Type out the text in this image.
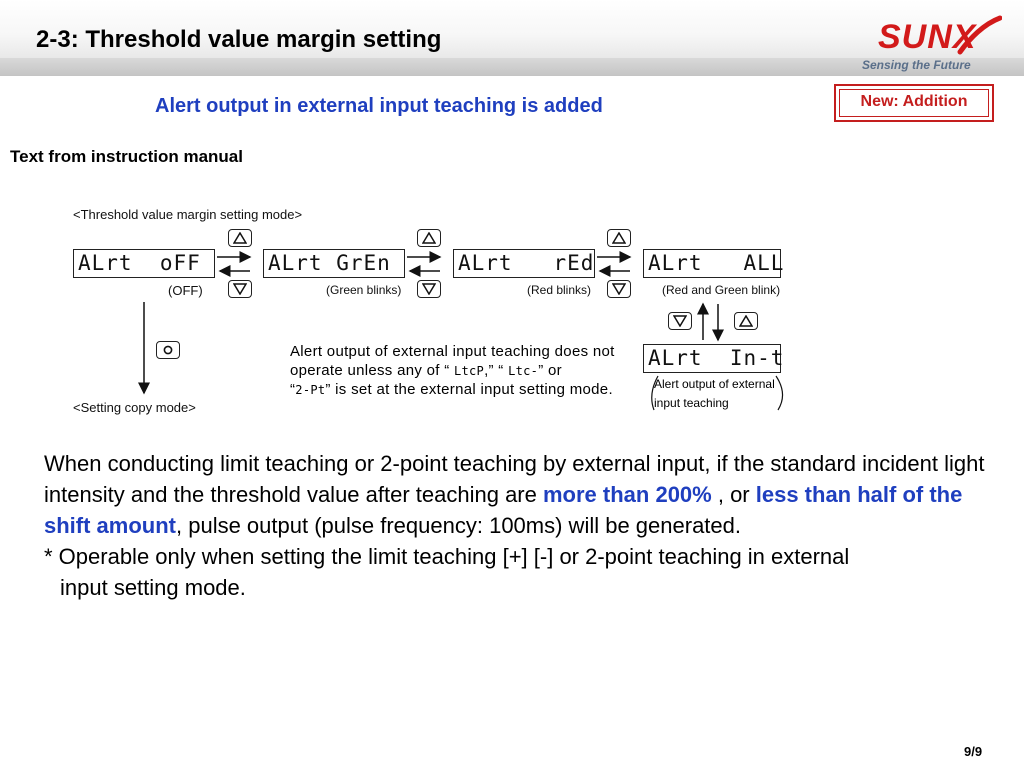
2-3: Threshold value margin setting	SUNX
Sensing the Future
Alert output in external input teaching is added	New: Addition
Text from instruction manual
<Threshold value margin setting mode>
ALrt  oFF	ALrt GrEn	ALrt   rEd	ALrt   ALL
(OFF)	(Green blinks)	(Red blinks)	(Red and Green blink)
ALrt  In-t
Alert output of external
input teaching
Alert output of external input teaching does not
operate unless any of “ LtcP,” “ Ltc-” or
“2-Pt” is set at the external input setting mode.
<Setting copy mode>

When conducting limit teaching or 2-point teaching by external input, if the standard incident light intensity and the threshold value after teaching are more than 200% , or less than half of the shift amount, pulse output (pulse frequency: 100ms) will be generated.

* Operable only when setting the limit teaching [+] [-] or 2-point teaching in external

input setting mode.

9/9
